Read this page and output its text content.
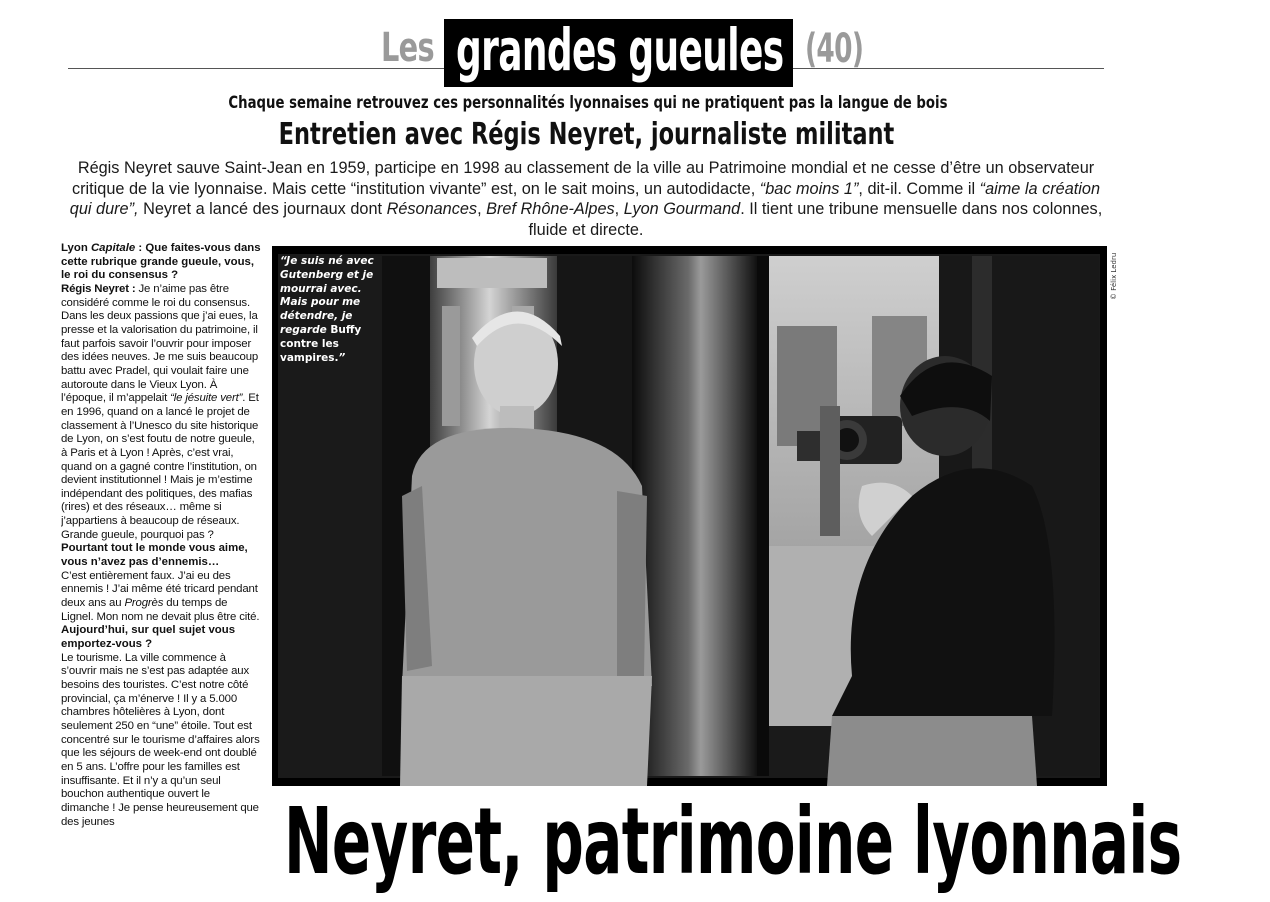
Les grandes gueules (40)
Chaque semaine retrouvez ces personnalités lyonnaises qui ne pratiquent pas la langue de bois
Entretien avec Régis Neyret, journaliste militant
Régis Neyret sauve Saint-Jean en 1959, participe en 1998 au classement de la ville au Patrimoine mondial et ne cesse d’être un observateur critique de la vie lyonnaise. Mais cette “institution vivante” est, on le sait moins, un autodidacte, “bac moins 1”, dit-il. Comme il “aime la création qui dure”, Neyret a lancé des journaux dont Résonances, Bref Rhône-Alpes, Lyon Gourmand. Il tient une tribune mensuelle dans nos colonnes, fluide et directe.

Lyon Capitale : Que faites-vous dans cette rubrique grande gueule, vous, le roi du consensus ?

Régis Neyret : Je n’aime pas être considéré comme le roi du consensus. Dans les deux passions que j’ai eues, la presse et la valorisation du patrimoine, il faut parfois savoir l’ouvrir pour imposer des idées neuves. Je me suis beaucoup battu avec Pradel, qui voulait faire une autoroute dans le Vieux Lyon. À l’époque, il m’appelait “le jésuite vert”. Et en 1996, quand on a lancé le projet de classement à l’Unesco du site historique de Lyon, on s’est foutu de notre gueule, à Paris et à Lyon ! Après, c’est vrai, quand on a gagné contre l’institution, on devient institutionnel ! Mais je m’estime indépendant des politiques, des mafias (rires) et des réseaux… même si j’appartiens à beaucoup de réseaux. Grande gueule, pourquoi pas ?

Pourtant tout le monde vous aime, vous n’avez pas d’ennemis…

C’est entièrement faux. J’ai eu des ennemis ! J’ai même été tricard pendant deux ans au Progrès du temps de Lignel. Mon nom ne devait plus être cité.

Aujourd’hui, sur quel sujet vous emportez-vous ?

Le tourisme. La ville commence à s’ouvrir mais ne s’est pas adaptée aux besoins des touristes. C’est notre côté provincial, ça m’énerve ! Il y a 5.000 chambres hôtelières à Lyon, dont seulement 250 en “une” étoile. Tout est concentré sur le tourisme d’affaires alors que les séjours de week-end ont doublé en 5 ans. L’offre pour les familles est insuffisante. Et il n’y a qu’un seul bouchon authentique ouvert le dimanche ! Je pense heureusement que des jeunes

“Je suis né avec Gutenberg et je mourrai avec. Mais pour me détendre, je regarde Buffy contre les vampires.”
© Félix Ledru
Neyret, patrimoine lyonnais
